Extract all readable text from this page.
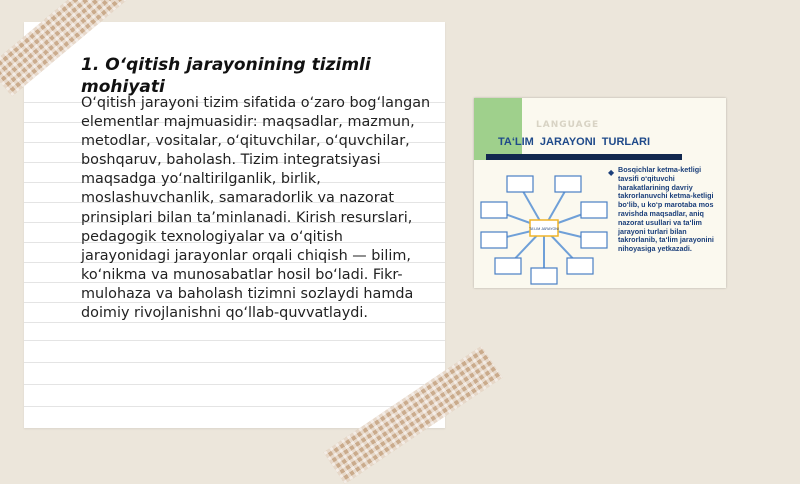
1. O‘qitish jarayonining tizimli mohiyati

O‘qitish jarayoni tizim sifatida o‘zaro bog‘langan elementlar majmuasidir: maqsadlar, mazmun, metodlar, vositalar, o‘qituvchilar, o‘quvchilar, boshqaruv, baholash. Tizim integratsiyasi maqsadga yo‘naltirilganlik, birlik, moslashuvchanlik, samaradorlik va nazorat prinsiplari bilan ta’minlanadi. Kirish resurslari, pedagogik texnologiyalar va o‘qitish jarayonidagi jarayonlar orqali chiqish — bilim, ko‘nikma va munosabatlar hosil bo‘ladi. Fikr-mulohaza va baholash tizimni sozlaydi hamda doimiy rivojlanishni qo‘llab-quvvatlaydi.

LANGUAGE
TA‘LIM JARAYONI TURLARI
TA‘LIM JARAYONI
◆ Bosqichlar ketma-ketligi tavsifi o‘qituvchi harakatlarining davriy takrorlanuvchi ketma-ketligi bo‘lib, u ko‘p marotaba mos ravishda maqsadlar, aniq nazorat usullari va ta‘lim jarayoni turlari bilan takrorlanib, ta‘lim jarayonini nihoyasiga yetkazadi.
